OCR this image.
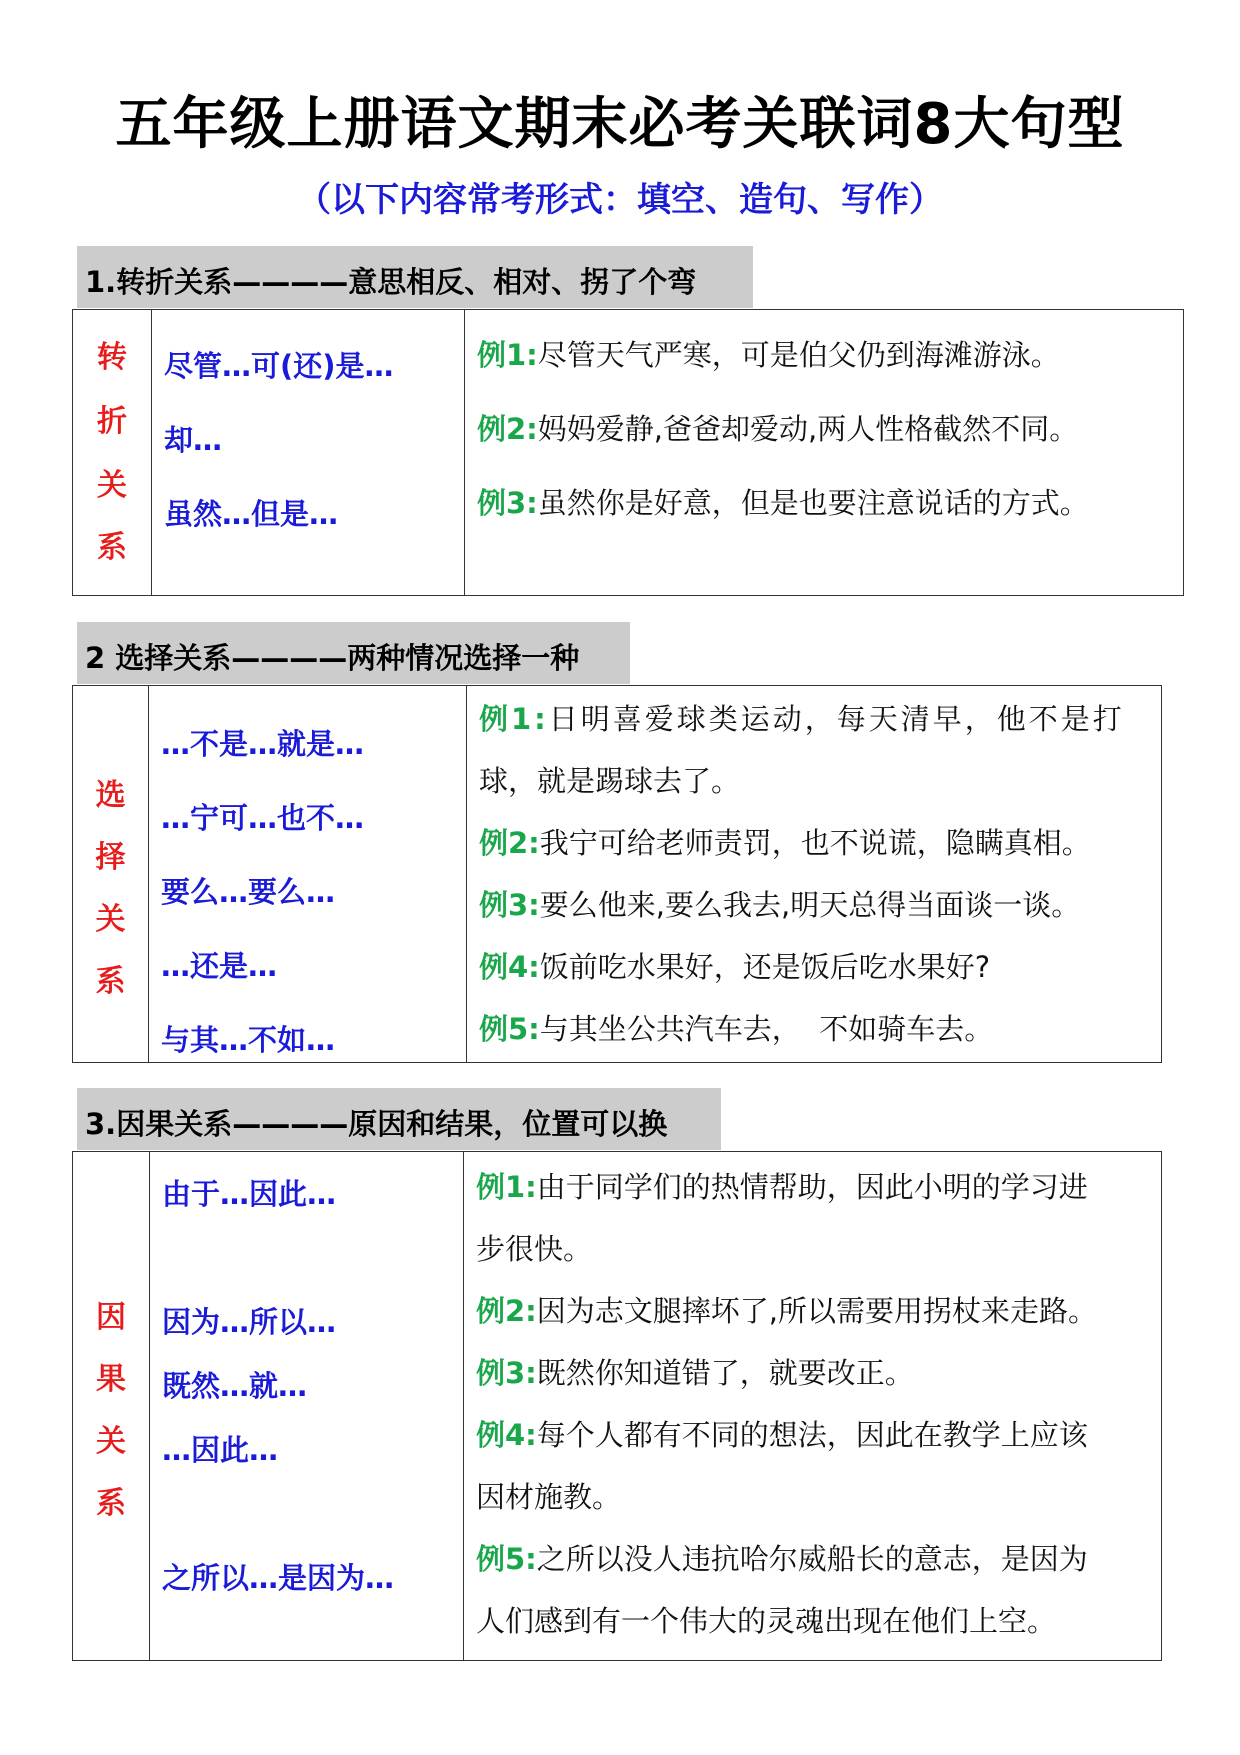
五年级上册语文期末必考关联词8大句型
（以下内容常考形式：填空、造句、写作）
1.转折关系————意思相反、相对、拐了个弯
转
折
关
系
尽管…可(还)是…
却…
虽然…但是…
例1:尽管天气严寒，可是伯父仍到海滩游泳。
例2:妈妈爱静,爸爸却爱动,两人性格截然不同。
例3:虽然你是好意，但是也要注意说话的方式。
2 选择关系————两种情况选择一种
选
择
关
系
…不是…就是…
…宁可…也不…
要么…要么…
…还是…
与其…不如…
例1:日明喜爱球类运动，每天清早，他不是打
球，就是踢球去了。
例2:我宁可给老师责罚，也不说谎，隐瞒真相。
例3:要么他来,要么我去,明天总得当面谈一谈。
例4:饭前吃水果好，还是饭后吃水果好?
例5:与其坐公共汽车去，  不如骑车去。
3.因果关系————原因和结果，位置可以换
因
果
关
系
由于…因此…
因为…所以…
既然…就…
…因此…
之所以…是因为…
例1:由于同学们的热情帮助，因此小明的学习进
步很快。
例2:因为志文腿摔坏了,所以需要用拐杖来走路。
例3:既然你知道错了，就要改正。
例4:每个人都有不同的想法，因此在教学上应该
因材施教。
例5:之所以没人违抗哈尔威船长的意志，是因为
人们感到有一个伟大的灵魂出现在他们上空。
